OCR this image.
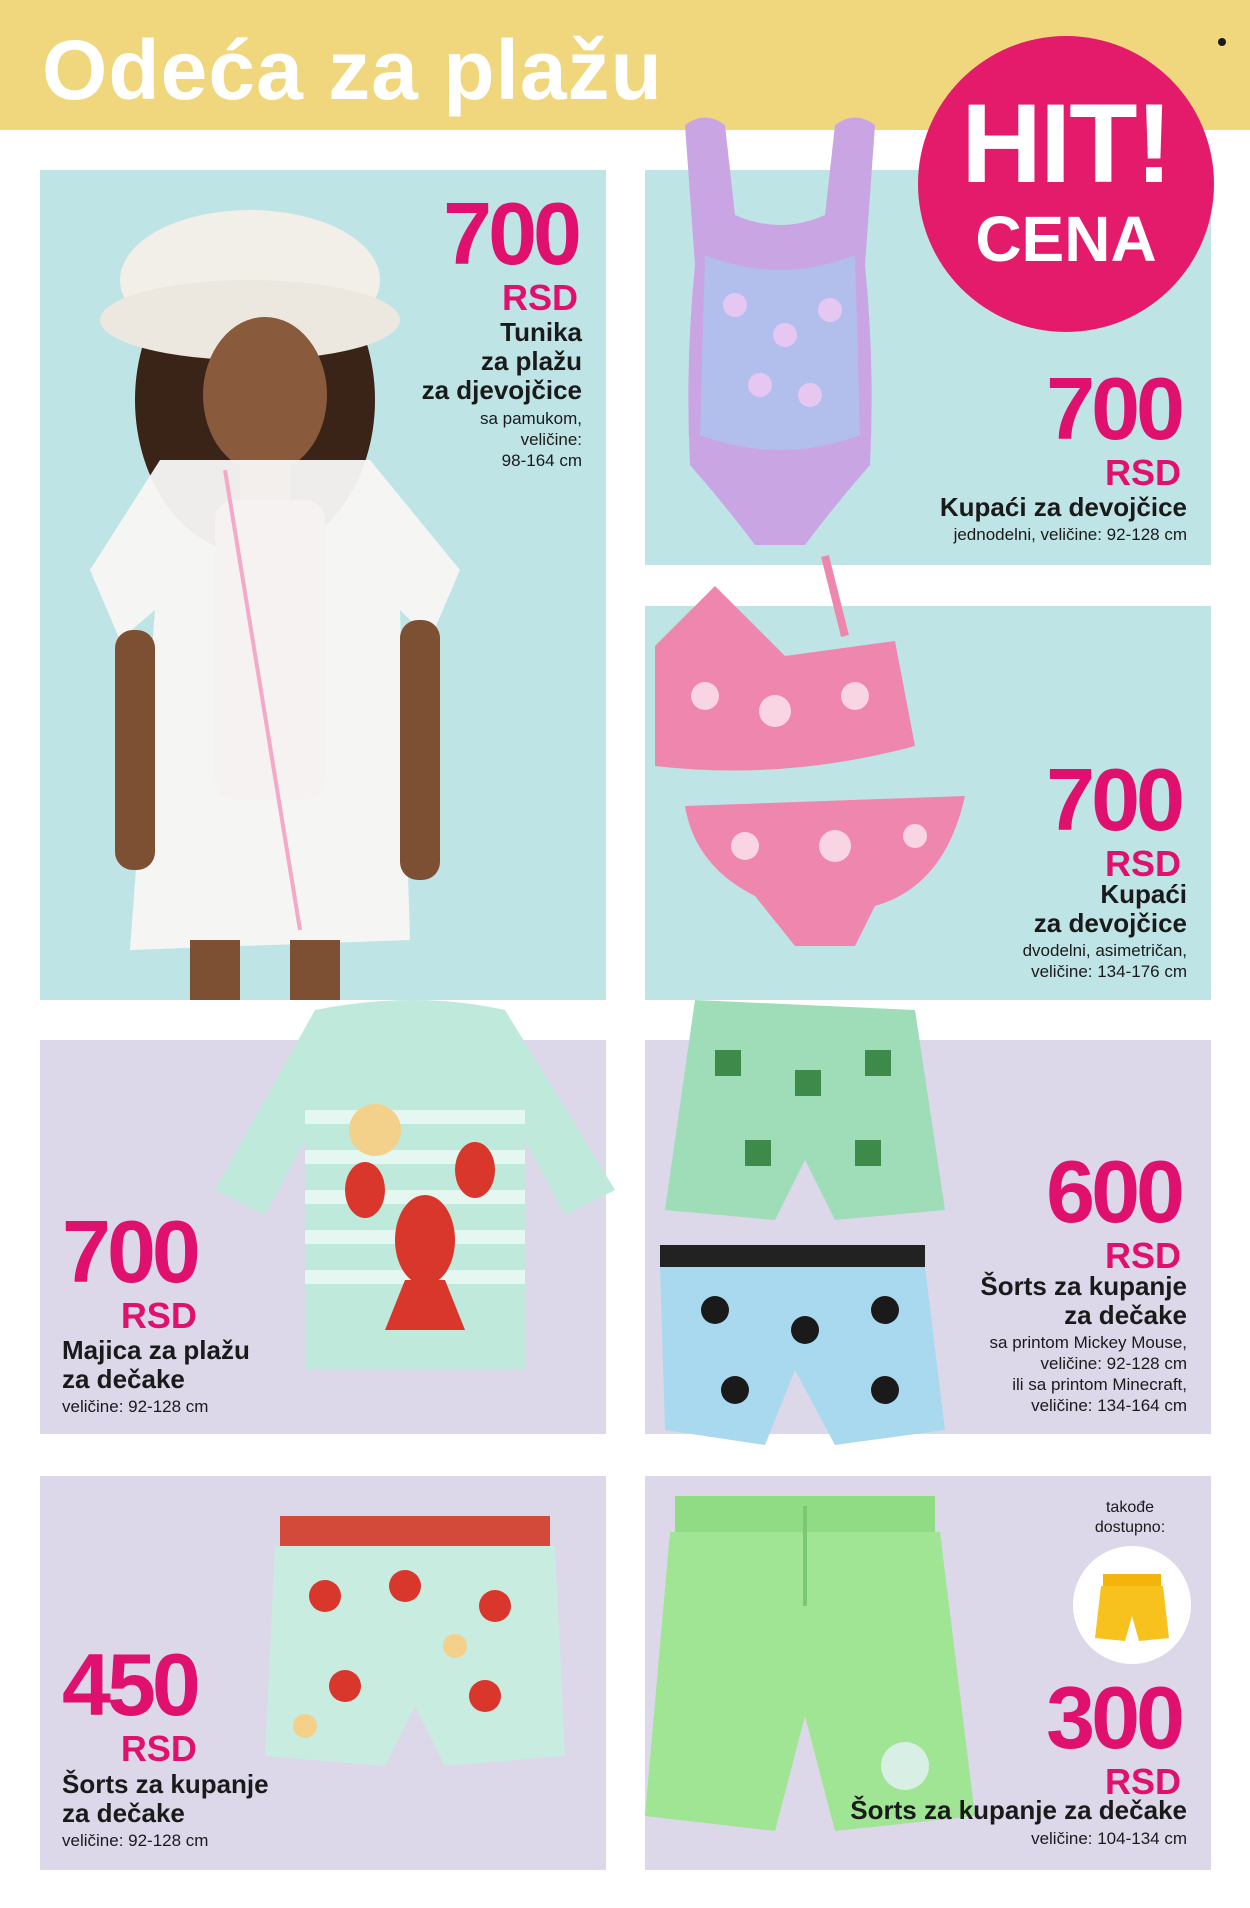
Odeća za plažu
700
RSD
Tunika
za plažu
za djevojčice
sa pamukom,
veličine:
98-164 cm
700
RSD
Kupaći za devojčice
jednodelni, veličine: 92-128 cm
HIT!
CENA
700
RSD
Kupaći
za devojčice
dvodelni, asimetričan,
veličine: 134-176 cm
700
RSD
Majica za plažu
za dečake
veličine: 92-128 cm
600
RSD
Šorts za kupanje
za dečake
sa printom Mickey Mouse,
veličine: 92-128 cm
ili sa printom Minecraft,
veličine: 134-164 cm
450
RSD
Šorts za kupanje
za dečake
veličine: 92-128 cm
takođe
dostupno:
300
RSD
Šorts za kupanje za dečake
veličine: 104-134 cm
